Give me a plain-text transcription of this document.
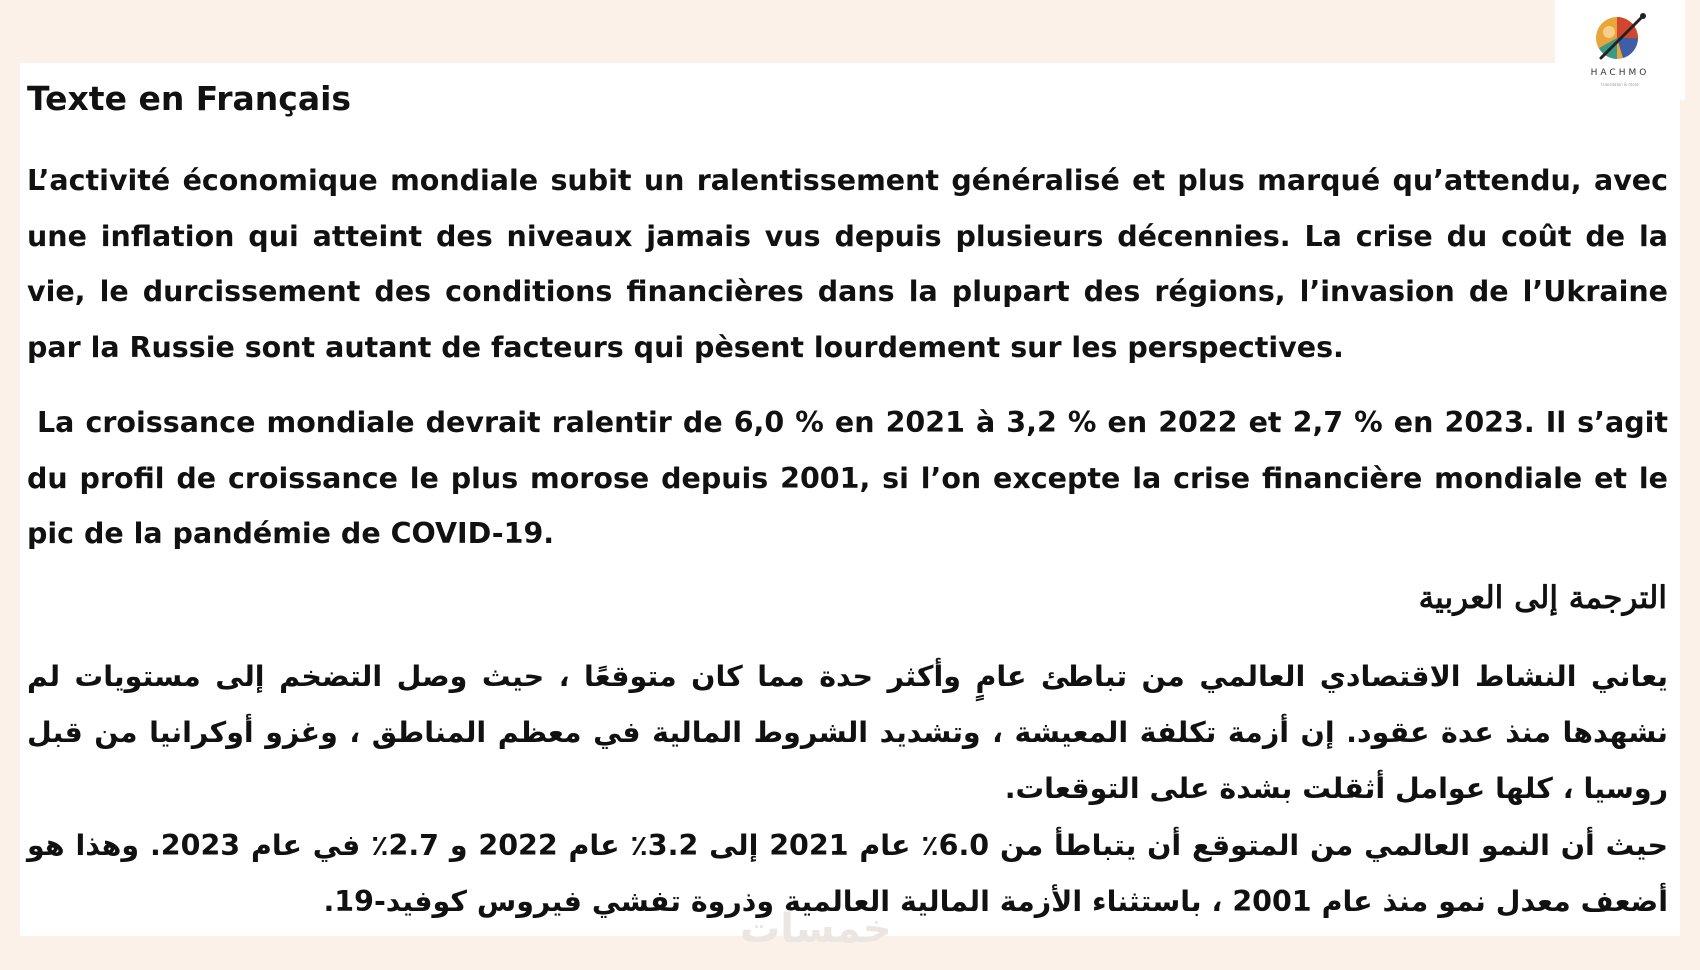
HACHMO
translation & more
Texte en Français

L’activité économique mondiale subit un ralentissement généralisé et plus marqué qu’attendu, avec une inflation qui atteint des niveaux jamais vus depuis plusieurs décennies. La crise du coût de la vie, le durcissement des conditions financières dans la plupart des régions, l’invasion de l’Ukraine par la Russie sont autant de facteurs qui pèsent lourdement sur les perspectives.

La croissance mondiale devrait ralentir de 6,0 % en 2021 à 3,2 % en 2022 et 2,7 % en 2023. Il s’agit du profil de croissance le plus morose depuis 2001, si l’on excepte la crise financière mondiale et le pic de la pandémie de COVID-19.

الترجمة إلى العربية

يعاني النشاط الاقتصادي العالمي من تباطئ عامٍ وأكثر حدة مما كان متوقعًا ، حيث وصل التضخم إلى مستويات لم نشهدها منذ عدة عقود. إن أزمة تكلفة المعيشة ، وتشديد الشروط المالية في معظم المناطق ، وغزو أوكرانيا من قبل روسيا ، كلها عوامل أثقلت بشدة على التوقعات.

حيث أن النمو العالمي من المتوقع أن يتباطأ من 6.0٪ عام 2021 إلى 3.2٪ عام 2022 و 2.7٪ في عام 2023. وهذا هو أضعف معدل نمو منذ عام 2001 ، باستثناء الأزمة المالية العالمية وذروة تفشي فيروس كوفيد-19.

خمسات
